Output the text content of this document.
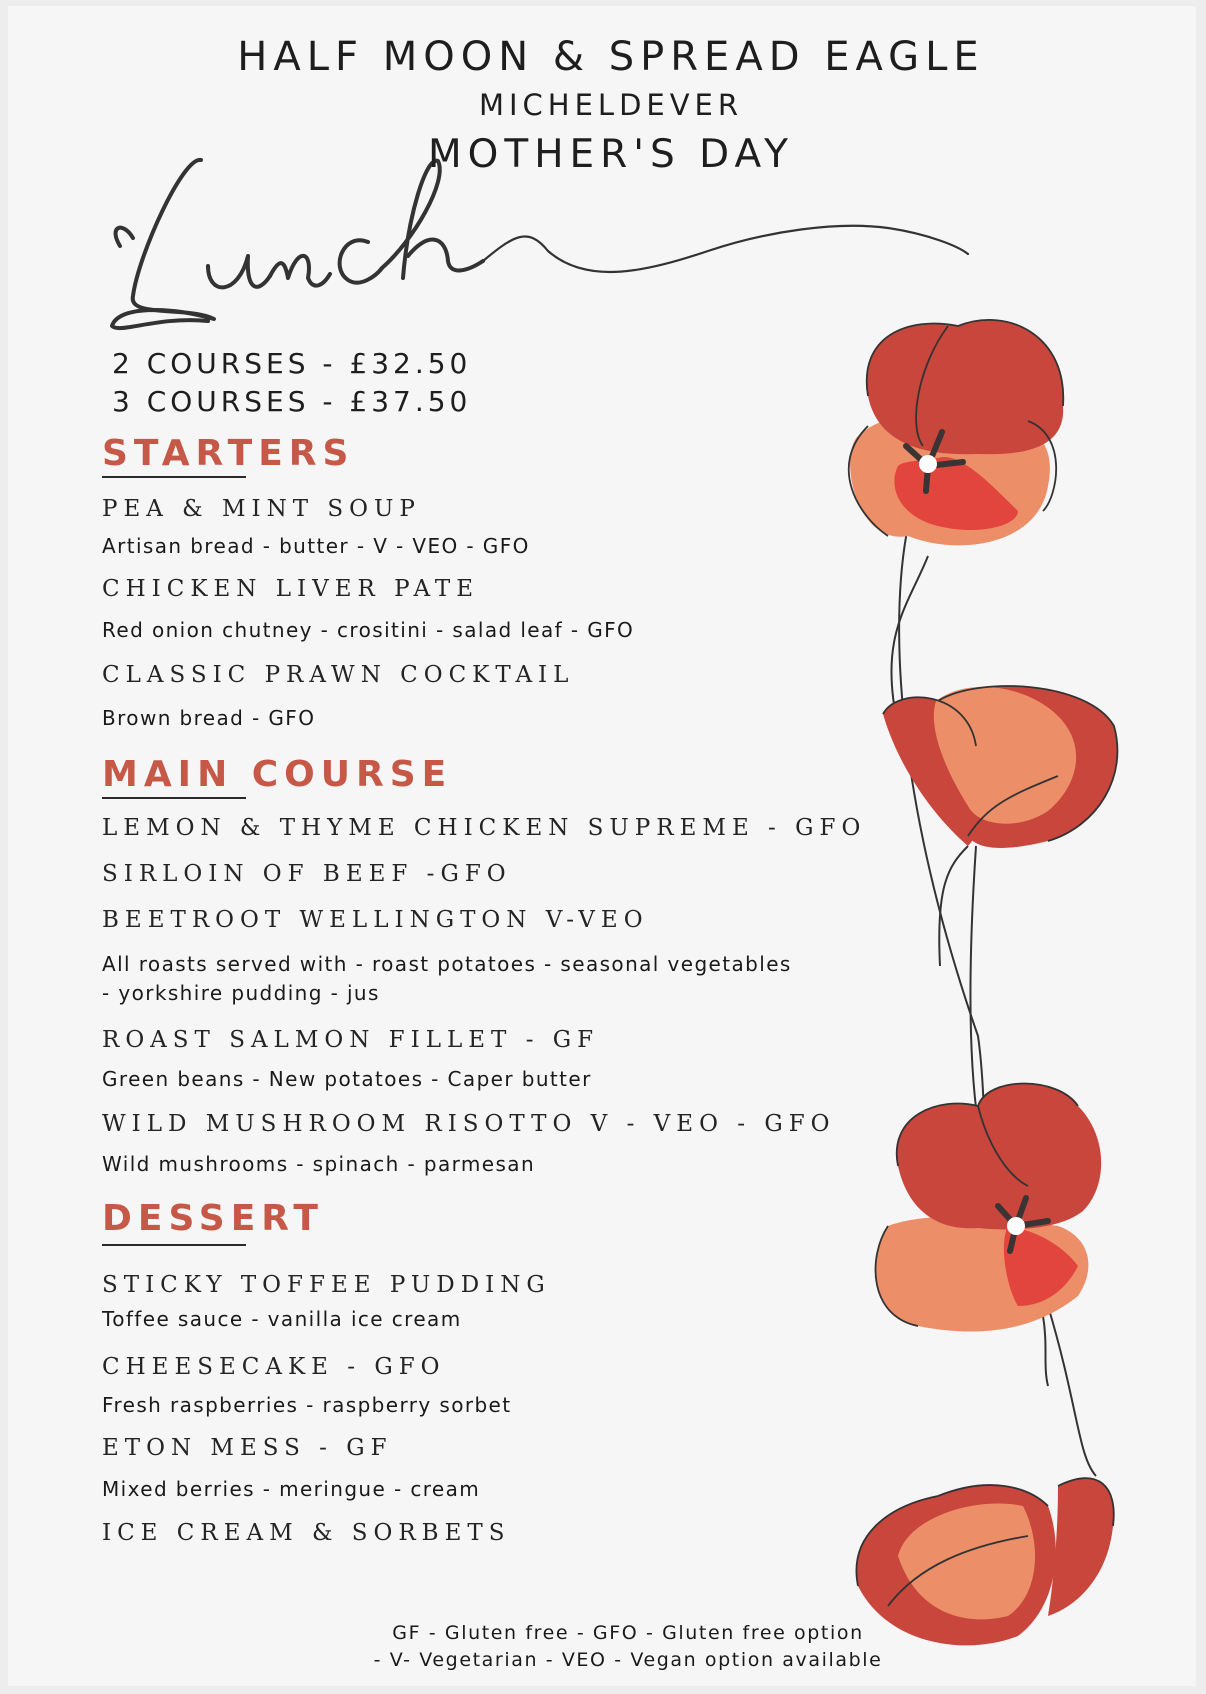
HALF MOON & SPREAD EAGLE
MICHELDEVER
MOTHER'S DAY
2 COURSES - £32.50
3 COURSES - £37.50
STARTERS
PEA & MINT SOUP
Artisan bread - butter - V - VEO - GFO
CHICKEN LIVER PATE
Red onion chutney - crositini - salad leaf - GFO
CLASSIC PRAWN COCKTAIL
Brown bread - GFO
MAIN COURSE
LEMON & THYME CHICKEN SUPREME - GFO
SIRLOIN OF BEEF -GFO
BEETROOT WELLINGTON V-VEO
All roasts served with - roast potatoes - seasonal vegetables
- yorkshire pudding - jus
ROAST SALMON FILLET - GF
Green beans - New potatoes - Caper butter
WILD MUSHROOM RISOTTO V - VEO - GFO
Wild mushrooms - spinach - parmesan
DESSERT
STICKY TOFFEE PUDDING
Toffee sauce - vanilla ice cream
CHEESECAKE - GFO
Fresh raspberries - raspberry sorbet
ETON MESS - GF
Mixed berries - meringue - cream
ICE CREAM & SORBETS
GF - Gluten free - GFO - Gluten free option
- V- Vegetarian - VEO - Vegan option available
